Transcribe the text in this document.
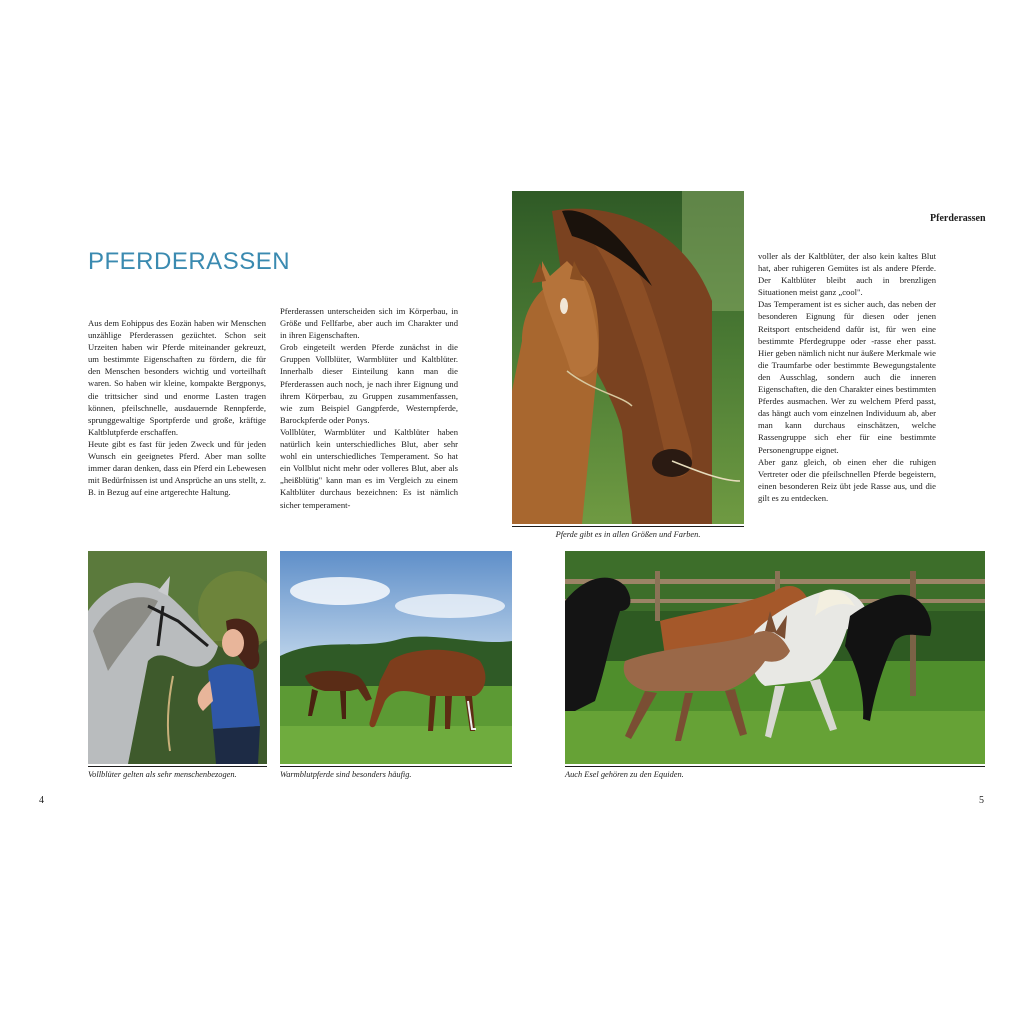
PFERDERASSEN
Pferderassen

Aus dem Eohippus des Eozän haben wir Menschen unzählige Pferderassen gezüchtet. Schon seit Urzeiten haben wir Pferde miteinander gekreuzt, um bestimmte Eigenschaften zu fördern, die für den Menschen besonders wichtig und vorteilhaft waren. So haben wir kleine, kompakte Bergponys, die trittsicher sind und enorme Lasten tragen können, pfeilschnelle, ausdauernde Rennpferde, sprunggewaltige Sportpferde und große, kräftige Kaltblutpferde erschaffen.

Heute gibt es fast für jeden Zweck und für jeden Wunsch ein geeignetes Pferd. Aber man sollte immer daran denken, dass ein Pferd ein Lebewesen mit Bedürfnissen ist und Ansprüche an uns stellt, z. B. in Bezug auf eine artgerechte Haltung.

Pferderassen unterscheiden sich im Körperbau, in Größe und Fellfarbe, aber auch im Charakter und in ihren Eigenschaften.

Grob eingeteilt werden Pferde zunächst in die Gruppen Vollblüter, Warmblüter und Kaltblüter. Innerhalb dieser Einteilung kann man die Pferderassen auch noch, je nach ihrer Eignung und ihrem Körperbau, zu Gruppen zusammenfassen, wie zum Beispiel Gangpferde, Westernpferde, Barockpferde oder Ponys.

Vollblüter, Warmblüter und Kaltblüter haben natürlich kein unterschiedliches Blut, aber sehr wohl ein unterschiedliches Temperament. So hat ein Vollblut nicht mehr oder volleres Blut, aber als „heißblütig" kann man es im Vergleich zu einem Kaltblüter durchaus bezeichnen: Es ist nämlich sicher temperament-

voller als der Kaltblüter, der also kein kaltes Blut hat, aber ruhigeren Gemütes ist als andere Pferde. Der Kaltblüter bleibt auch in brenzligen Situationen meist ganz „cool".

Das Temperament ist es sicher auch, das neben der besonderen Eignung für diesen oder jenen Reitsport entscheidend dafür ist, für wen eine bestimmte Pferdegruppe oder -rasse eher passt. Hier geben nämlich nicht nur äußere Merkmale wie die Traumfarbe oder bestimmte Bewegungstalente den Ausschlag, sondern auch die inneren Eigenschaften, die den Charakter eines bestimmten Pferdes ausmachen. Wer zu welchem Pferd passt, das hängt auch vom einzelnen Individuum ab, aber man kann durchaus einschätzen, welche Rassengruppe sich eher für eine bestimmte Personengruppe eignet.

Aber ganz gleich, ob einen eher die ruhigen Vertreter oder die pfeilschnellen Pferde begeistern, einen besonderen Reiz übt jede Rasse aus, und die gilt es zu entdecken.

Pferde gibt es in allen Größen und Farben.
Vollblüter gelten als sehr menschenbezogen.	Warmblutpferde sind besonders häufig.	Auch Esel gehören zu den Equiden.
4	5
